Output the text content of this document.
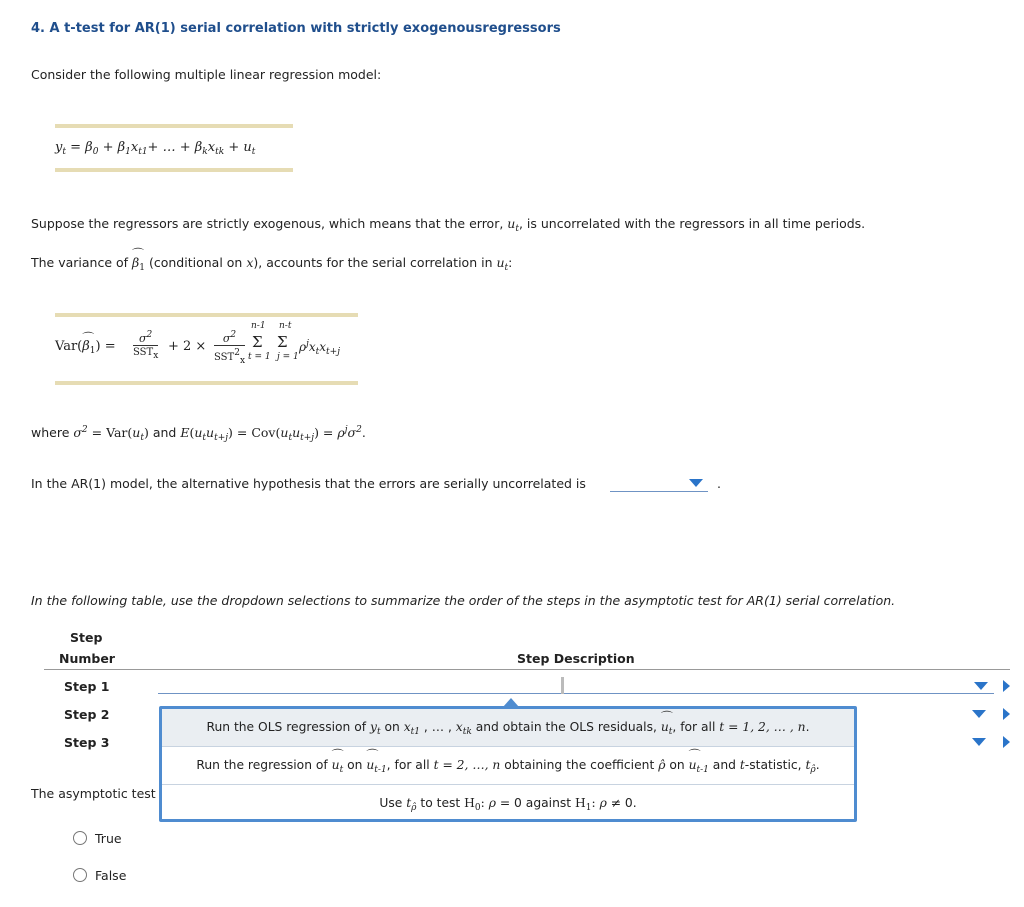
4. A t-test for AR(1) serial correlation with strictly exogenousregressors
Consider the following multiple linear regression model:
$y_t = \beta_0 + \beta_1x_{t1}+$ … + $\beta_kx_{tk} + u_t$
Suppose the regressors are strictly exogenous, which means that the error, $u_t$, is uncorrelated with the regressors in all time periods.
The variance of ⌒ $\beta_1$ (conditional on x), accounts for the serial correlation in $u_t$:
Var(⌒ $\beta_1) = \frac{\sigma^2}{\text{SSTx}} + 2 \times \frac{\sigma^2}{\text{SST2x}}$
n-1 n-t
Σ Σ
t = 1 j = 1
$\rho^jx_tx_{t+j}$
where $\sigma^2 = Var(u_t)$ and $E(u_tu_{t+j}) = Cov(u_tu_{t+j}) = \rho^j\sigma^2$.
In the AR(1) model, the alternative hypothesis that the errors are serially uncorrelated is	.
In the following table, use the dropdown selections to summarize the order of the steps in the asymptotic test for AR(1) serial correlation.
Step
Number	Step Description
Step 1
Step 2
Step 3
The asymptotic test
Run the OLS regression of $y_t$ on $x_{t1}$ , … , $x_{tk}$ and obtain the OLS residuals, ⌒ $u_t$, for all t = 1, 2, … , n.
Run the regression of ⌒ $u_t$ on ⌒ $u_{t-1}$, for all t = 2, …, n obtaining the coefficient ρ̂ on ⌒ $u_{t-1}$ and t-statistic, $t_{\rhô}$.
Use $t_{\rhô}$ to test $H_0$: ρ = 0 against $H_1$: ρ ≠ 0.
True
False
